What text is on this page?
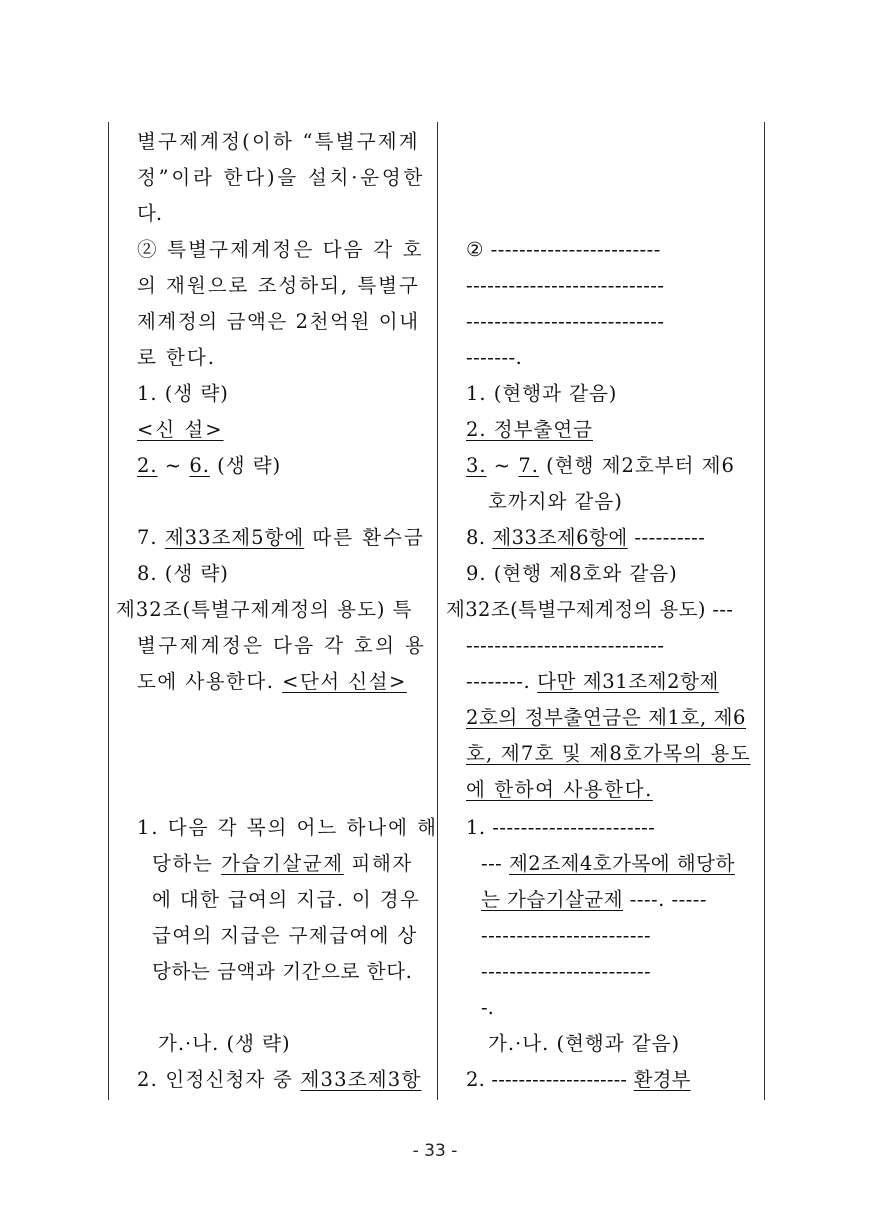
별구제계정(이하 “특별구제계
정”이라 한다)을 설치·운영한
다.
② 특별구제계정은 다음 각 호
의 재원으로 조성하되, 특별구
제계정의 금액은 2천억원 이내
로 한다.
1. (생 략)
<신 설>
2. ~ 6. (생 략)
7. 제33조제5항에 따른 환수금
8. (생 략)
제32조(특별구제계정의 용도) 특
별구제계정은 다음 각 호의 용
도에 사용한다. <단서 신설>
1. 다음 각 목의 어느 하나에 해
당하는 가습기살균제 피해자
에 대한 급여의 지급. 이 경우
급여의 지급은 구제급여에 상
당하는 금액과 기간으로 한다.
가.·나. (생 략)
2. 인정신청자 중 제33조제3항
② ------------------------
----------------------------
----------------------------
-------.
1. (현행과 같음)
2. 정부출연금
3. ~ 7. (현행 제2호부터 제6
호까지와 같음)
8. 제33조제6항에 ----------
9. (현행 제8호와 같음)
제32조(특별구제계정의 용도) ---
----------------------------
--------. 다만 제31조제2항제
2호의 정부출연금은 제1호, 제6
호, 제7호 및 제8호가목의 용도
에 한하여 사용한다.
1. -----------------------
--- 제2조제4호가목에 해당하
는 가습기살균제 ----. -----
------------------------
------------------------
-.
가.·나. (현행과 같음)
2. -------------------- 환경부
- 33 -
